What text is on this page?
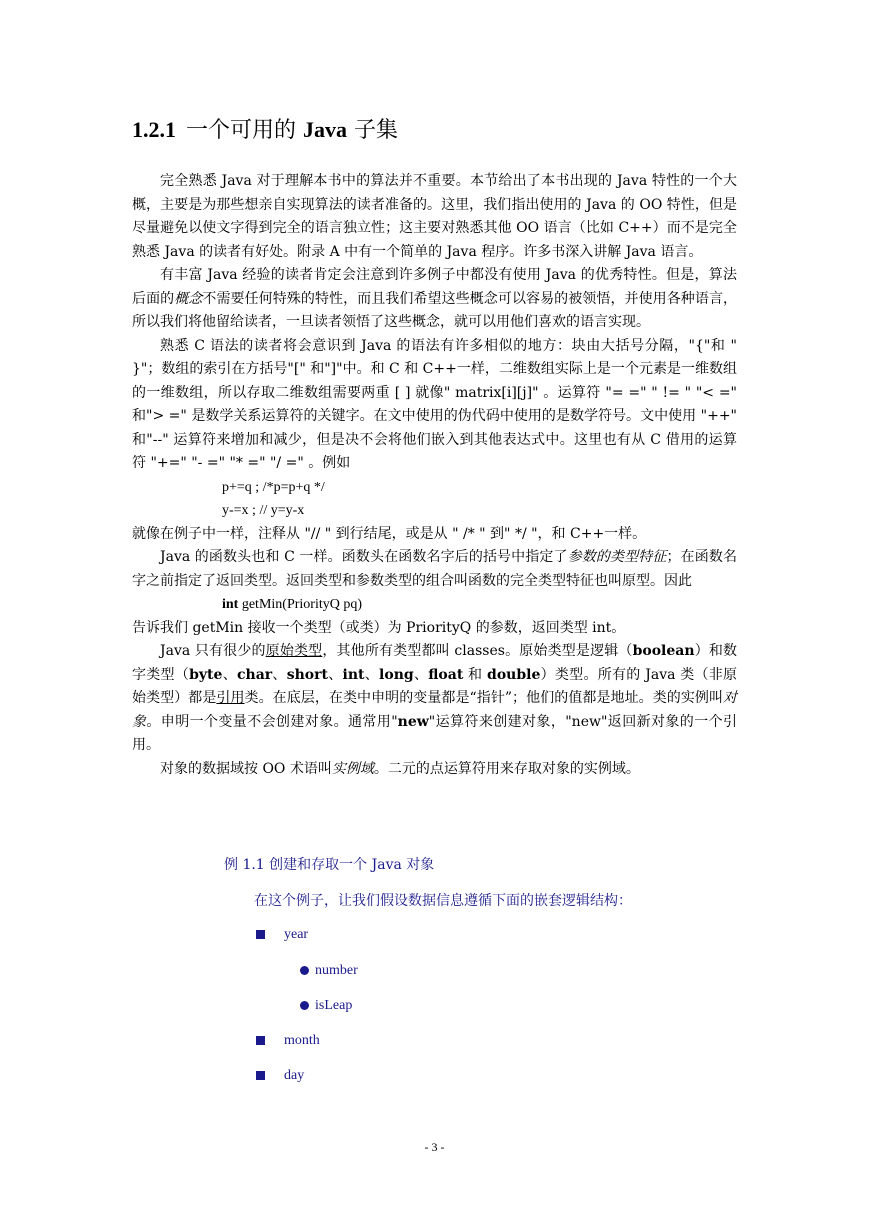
1.2.1 一个可用的 Java 子集

完全熟悉 Java 对于理解本书中的算法并不重要。本节给出了本书出现的 Java 特性的一个大概，主要是为那些想亲自实现算法的读者准备的。这里，我们指出使用的 Java 的 OO 特性，但是尽量避免以使文字得到完全的语言独立性；这主要对熟悉其他 OO 语言（比如 C++）而不是完全熟悉 Java 的读者有好处。附录 A 中有一个简单的 Java 程序。许多书深入讲解 Java 语言。

有丰富 Java 经验的读者肯定会注意到许多例子中都没有使用 Java 的优秀特性。但是，算法后面的概念不需要任何特殊的特性，而且我们希望这些概念可以容易的被领悟，并使用各种语言，所以我们将他留给读者，一旦读者领悟了这些概念，就可以用他们喜欢的语言实现。

熟悉 C 语法的读者将会意识到 Java 的语法有许多相似的地方：块由大括号分隔，"{"和 " }"；数组的索引在方括号"[" 和"]"中。和 C 和 C++一样，二维数组实际上是一个元素是一维数组的一维数组，所以存取二维数组需要两重 [ ] 就像" matrix[i][j]" 。运算符 "= =" " != " "< =" 和"> =" 是数学关系运算符的关键字。在文中使用的伪代码中使用的是数学符号。文中使用 "++" 和"--" 运算符来增加和减少，但是决不会将他们嵌入到其他表达式中。这里也有从 C 借用的运算符 "+=" "- =" "* =" "/ =" 。例如

p+=q ; /*p=p+q */

y-=x ; // y=y-x

就像在例子中一样，注释从 "// " 到行结尾，或是从 " /* " 到" */ "，和 C++一样。

Java 的函数头也和 C 一样。函数头在函数名字后的括号中指定了参数的类型特征；在函数名字之前指定了返回类型。返回类型和参数类型的组合叫函数的完全类型特征也叫原型。因此

int getMin(PriorityQ pq)

告诉我们 getMin 接收一个类型（或类）为 PriorityQ 的参数，返回类型 int。

Java 只有很少的原始类型，其他所有类型都叫 classes。原始类型是逻辑（boolean）和数字类型（byte、char、short、int、long、float 和 double）类型。所有的 Java 类（非原始类型）都是引用类。在底层，在类中申明的变量都是“指针”；他们的值都是地址。类的实例叫对象。申明一个变量不会创建对象。通常用"new"运算符来创建对象，"new"返回新对象的一个引用。

对象的数据域按 OO 术语叫实例域。二元的点运算符用来存取对象的实例域。

例 1.1 创建和存取一个 Java 对象
在这个例子，让我们假设数据信息遵循下面的嵌套逻辑结构：
year
number
isLeap
month
day
- 3 -
